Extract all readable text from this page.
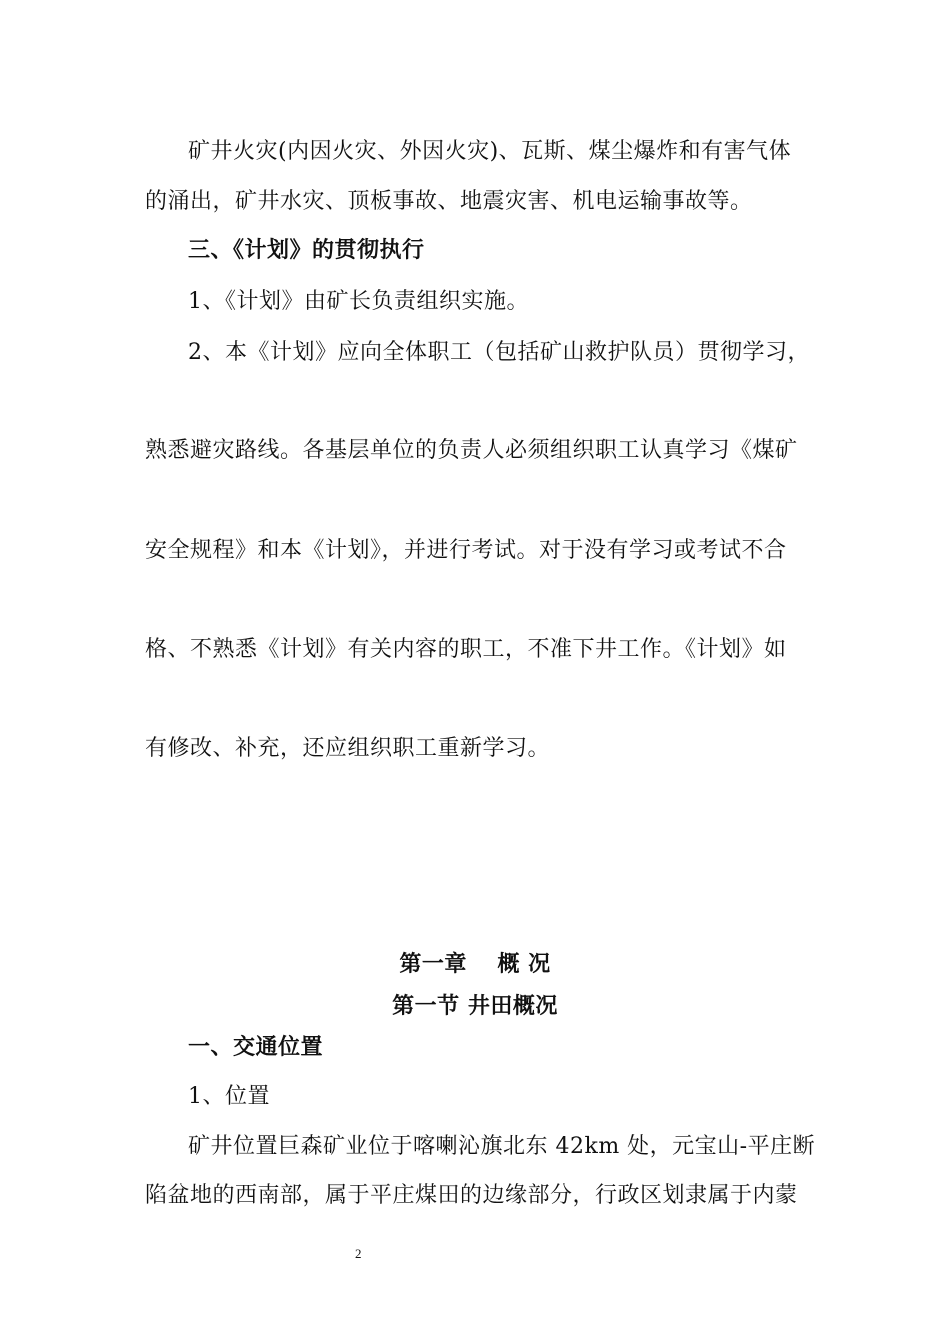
矿井火灾(内因火灾、外因火灾)、瓦斯、煤尘爆炸和有害气体
的涌出，矿井水灾、顶板事故、地震灾害、机电运输事故等。
三、《计划》的贯彻执行
1、《计划》由矿长负责组织实施。
2、本《计划》应向全体职工（包括矿山救护队员）贯彻学习，
熟悉避灾路线。各基层单位的负责人必须组织职工认真学习《煤矿
安全规程》和本《计划》，并进行考试。对于没有学习或考试不合
格、不熟悉《计划》有关内容的职工，不准下井工作。《计划》如
有修改、补充，还应组织职工重新学习。
第一章　 概 况
第一节 井田概况
一、交通位置
1、位置
矿井位置巨森矿业位于喀喇沁旗北东 42km 处，元宝山-平庄断
陷盆地的西南部，属于平庄煤田的边缘部分，行政区划隶属于内蒙
2
